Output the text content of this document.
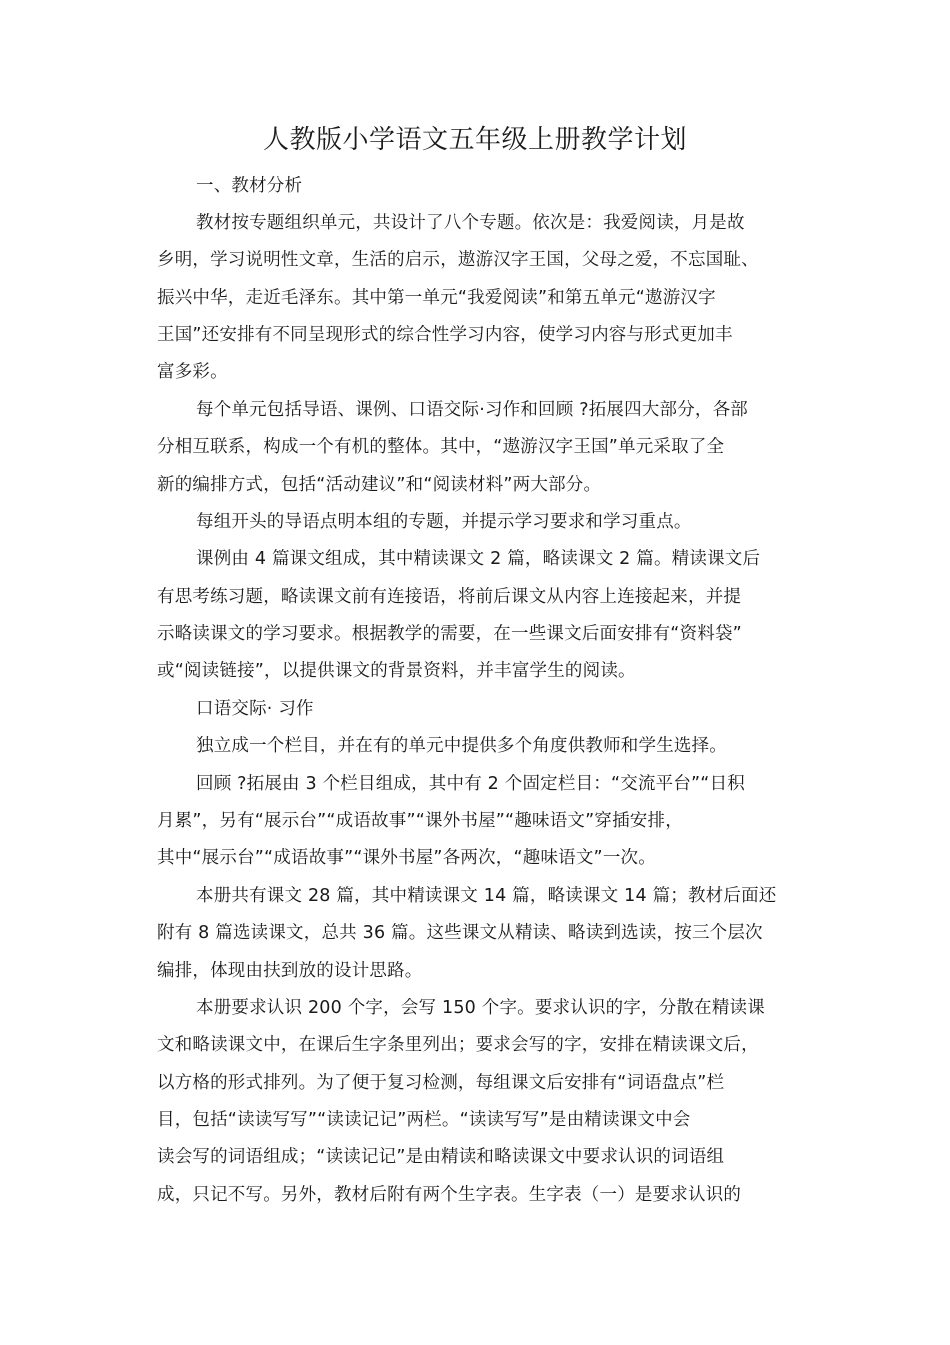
人教版小学语文五年级上册教学计划
一、教材分析
教材按专题组织单元，共设计了八个专题。依次是：我爱阅读，月是故
乡明，学习说明性文章，生活的启示，遨游汉字王国，父母之爱，不忘国耻、
振兴中华，走近毛泽东。其中第一单元“我爱阅读”和第五单元“遨游汉字
王国”还安排有不同呈现形式的综合性学习内容，使学习内容与形式更加丰
富多彩。
每个单元包括导语、课例、口语交际·习作和回顾 ?拓展四大部分，各部
分相互联系，构成一个有机的整体。其中，“遨游汉字王国”单元采取了全
新的编排方式，包括“活动建议”和“阅读材料”两大部分。
每组开头的导语点明本组的专题，并提示学习要求和学习重点。
课例由 4 篇课文组成，其中精读课文 2 篇，略读课文 2 篇。精读课文后
有思考练习题，略读课文前有连接语，将前后课文从内容上连接起来，并提
示略读课文的学习要求。根据教学的需要，在一些课文后面安排有“资料袋”
或“阅读链接”，以提供课文的背景资料，并丰富学生的阅读。
口语交际· 习作
独立成一个栏目，并在有的单元中提供多个角度供教师和学生选择。
回顾 ?拓展由 3 个栏目组成，其中有 2 个固定栏目：“交流平台”“日积
月累”，另有“展示台”“成语故事”“课外书屋”“趣味语文”穿插安排，
其中“展示台”“成语故事”“课外书屋”各两次，“趣味语文”一次。
本册共有课文 28 篇，其中精读课文 14 篇，略读课文 14 篇；教材后面还
附有 8 篇选读课文，总共 36 篇。这些课文从精读、略读到选读，按三个层次
编排，体现由扶到放的设计思路。
本册要求认识 200 个字，会写 150 个字。要求认识的字，分散在精读课
文和略读课文中，在课后生字条里列出；要求会写的字，安排在精读课文后，
以方格的形式排列。为了便于复习检测，每组课文后安排有“词语盘点”栏
目，包括“读读写写”“读读记记”两栏。“读读写写”是由精读课文中会
读会写的词语组成；“读读记记”是由精读和略读课文中要求认识的词语组
成，只记不写。另外，教材后附有两个生字表。生字表（一）是要求认识的
